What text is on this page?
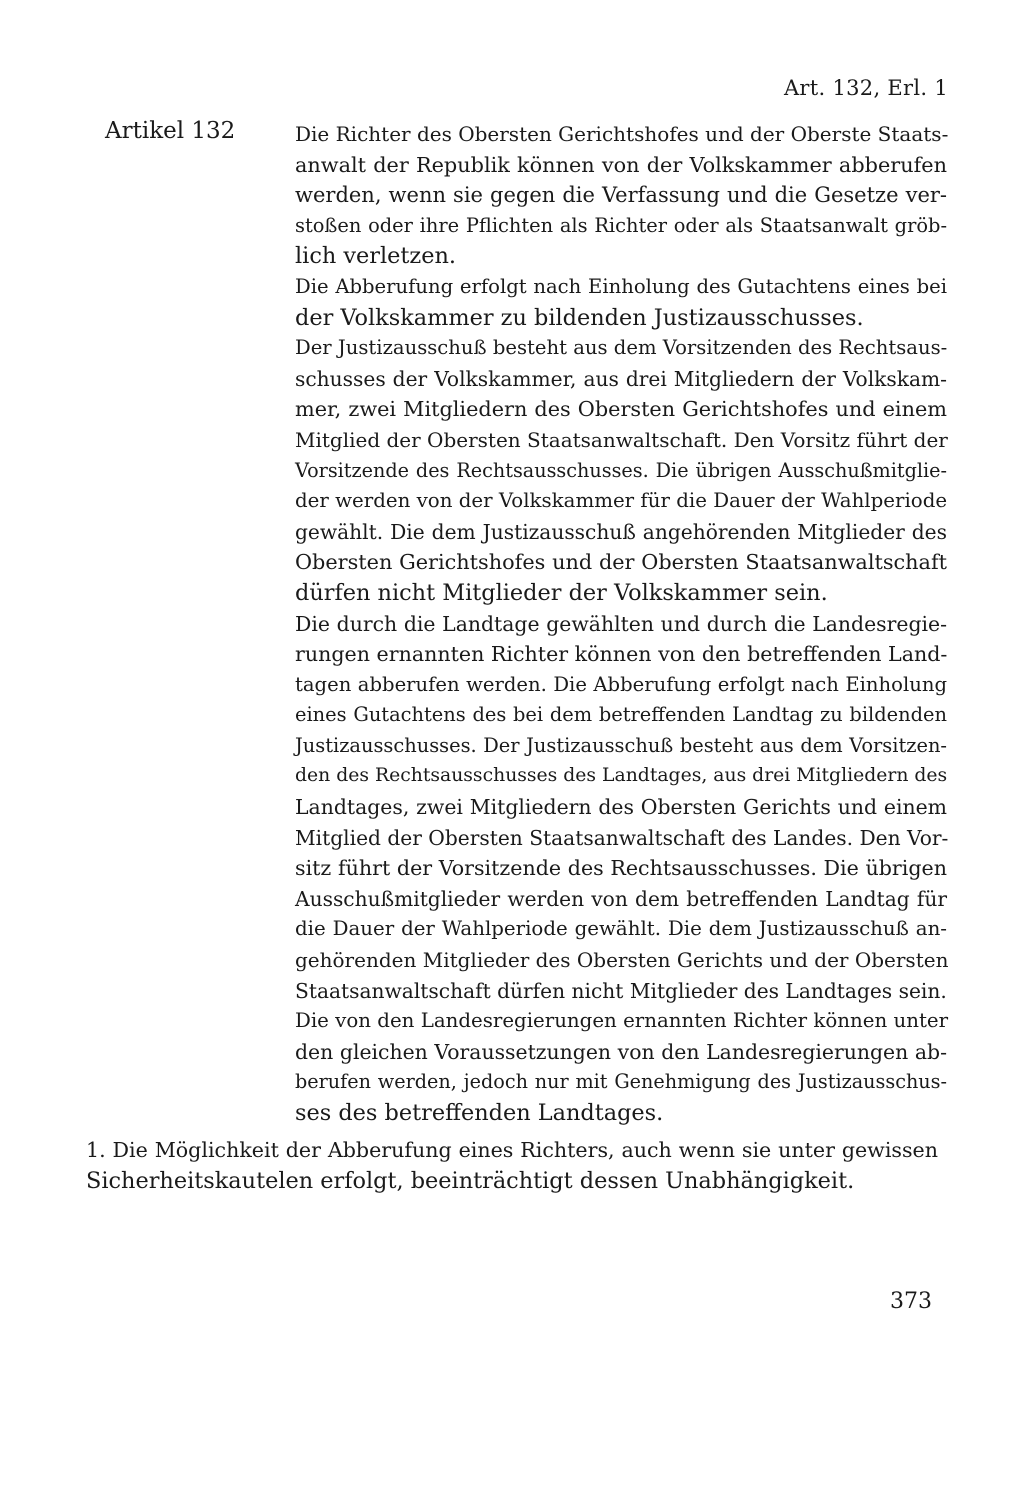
Art. 132, Erl. 1
Artikel 132	Die Richter des Obersten Gerichtshofes und der Oberste Staats-
anwalt der Republik können von der Volkskammer abberufen
werden, wenn sie gegen die Verfassung und die Gesetze ver-
stoßen oder ihre Pflichten als Richter oder als Staatsanwalt gröb-
lich verletzen.
Die Abberufung erfolgt nach Einholung des Gutachtens eines bei
der Volkskammer zu bildenden Justizausschusses.
Der Justizausschuß besteht aus dem Vorsitzenden des Rechtsaus-
schusses der Volkskammer, aus drei Mitgliedern der Volkskam-
mer, zwei Mitgliedern des Obersten Gerichtshofes und einem
Mitglied der Obersten Staatsanwaltschaft. Den Vorsitz führt der
Vorsitzende des Rechtsausschusses. Die übrigen Ausschußmitglie-
der werden von der Volkskammer für die Dauer der Wahlperiode
gewählt. Die dem Justizausschuß angehörenden Mitglieder des
Obersten Gerichtshofes und der Obersten Staatsanwaltschaft
dürfen nicht Mitglieder der Volkskammer sein.
Die durch die Landtage gewählten und durch die Landesregie-
rungen ernannten Richter können von den betreffenden Land-
tagen abberufen werden. Die Abberufung erfolgt nach Einholung
eines Gutachtens des bei dem betreffenden Landtag zu bildenden
Justizausschusses. Der Justizausschuß besteht aus dem Vorsitzen-
den des Rechtsausschusses des Landtages, aus drei Mitgliedern des
Landtages, zwei Mitgliedern des Obersten Gerichts und einem
Mitglied der Obersten Staatsanwaltschaft des Landes. Den Vor-
sitz führt der Vorsitzende des Rechtsausschusses. Die übrigen
Ausschußmitglieder werden von dem betreffenden Landtag für
die Dauer der Wahlperiode gewählt. Die dem Justizausschuß an-
gehörenden Mitglieder des Obersten Gerichts und der Obersten
Staatsanwaltschaft dürfen nicht Mitglieder des Landtages sein.
Die von den Landesregierungen ernannten Richter können unter
den gleichen Voraussetzungen von den Landesregierungen ab-
berufen werden, jedoch nur mit Genehmigung des Justizausschus-
ses des betreffenden Landtages.
1. Die Möglichkeit der Abberufung eines Richters, auch wenn sie unter gewissen
Sicherheitskautelen erfolgt, beeinträchtigt dessen Unabhängigkeit.
373
